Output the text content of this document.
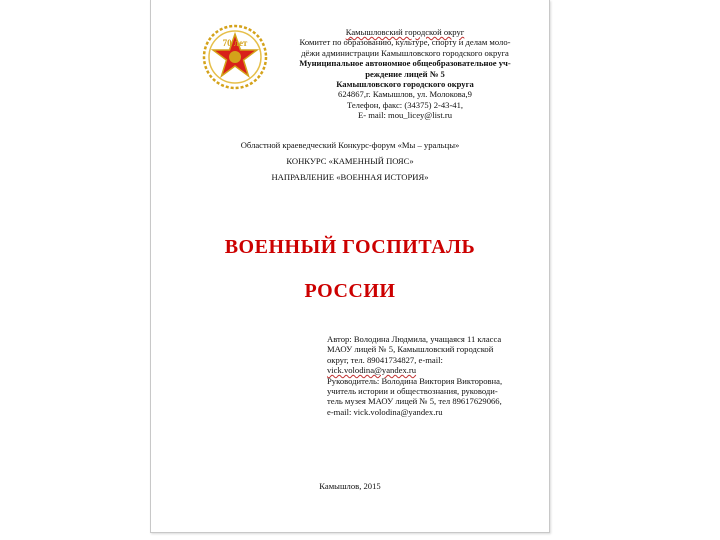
70 лет
Камышловский городской округ
Комитет по образованию, культуре, спорту и делам моло-
дёжи администрации Камышловского городского округа
Муниципальное автономное общеобразовательное уч-
реждение лицей № 5
Камышловского городского округа
624867,г. Камышлов, ул. Молокова,9
Телефон, факс: (34375) 2-43-41,
E- mail: mou_licey@list.ru
Областной краеведческий Конкурс-форум «Мы – уральцы»
КОНКУРС «КАМЕННЫЙ ПОЯС»
НАПРАВЛЕНИЕ «ВОЕННАЯ ИСТОРИЯ»
ВОЕННЫЙ ГОСПИТАЛЬ
РОССИИ

Автор: Володина Людмила, учащаяся 11 класса

МАОУ лицей № 5, Камышловский городской

округ, тел. 89041734827, e-mail:

vick.volodina@yandex.ru

Руководитель: Володина Виктория Викторовна,

учитель истории и обществознания, руководи-

тель музея МАОУ лицей № 5, тел 89617629066,

e-mail: vick.volodina@yandex.ru

Камышлов, 2015
